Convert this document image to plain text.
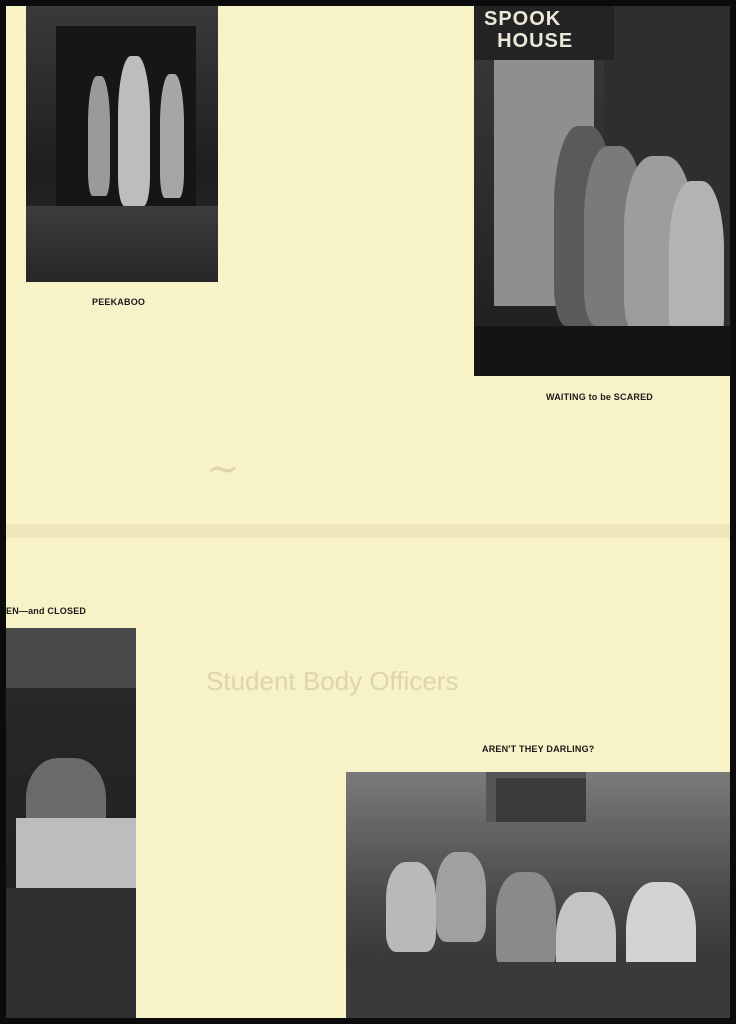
~
Student Body Officers
PEEKABOO
SPOOK
HOUSE
WAITING to be SCARED
EN—and CLOSED
AREN'T THEY DARLING?
